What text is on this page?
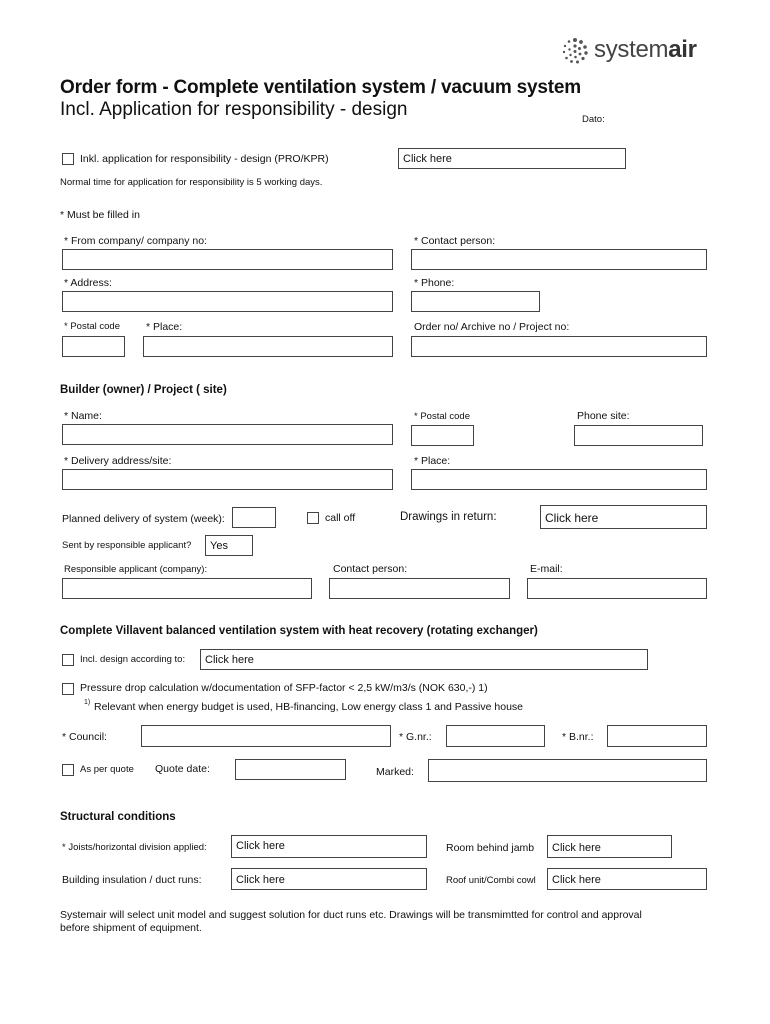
systemair
Order form - Complete ventilation system / vacuum system
Incl. Application for responsibility - design	Dato:
Inkl. application for responsibility - design (PRO/KPR)	Click here
Normal time for application for responsibility is 5 working days.
* Must be filled in
* From company/ company no:	* Contact person:
* Address:	* Phone:
* Postal code * Place:	Order no/ Archive no / Project no:
Builder (owner) / Project ( site)
* Name:	* Postal code	Phone site:
* Delivery address/site:	* Place:
Planned delivery of system (week):	call off	Drawings in return:	Click here
Sent by responsible applicant?	Yes
Responsible applicant (company):	Contact person:	E-mail:
Complete Villavent balanced ventilation system with heat recovery (rotating exchanger)
Incl. design according to:	Click here
Pressure drop calculation w/documentation of SFP-factor < 2,5 kW/m3/s (NOK 630,-) 1)
1) Relevant when energy budget is used, HB-financing, Low energy class 1 and Passive house
* Council:	* G.nr.:	* B.nr.:
As per quote Quote date:	Marked:
Structural conditions
* Joists/horizontal division applied:	Click here	Room behind jamb	Click here
Building insulation / duct runs:	Click here	Roof unit/Combi cowl	Click here
Systemair will select unit model and suggest solution for duct runs etc. Drawings will be transmimtted for control and approval
before shipment of equipment.
